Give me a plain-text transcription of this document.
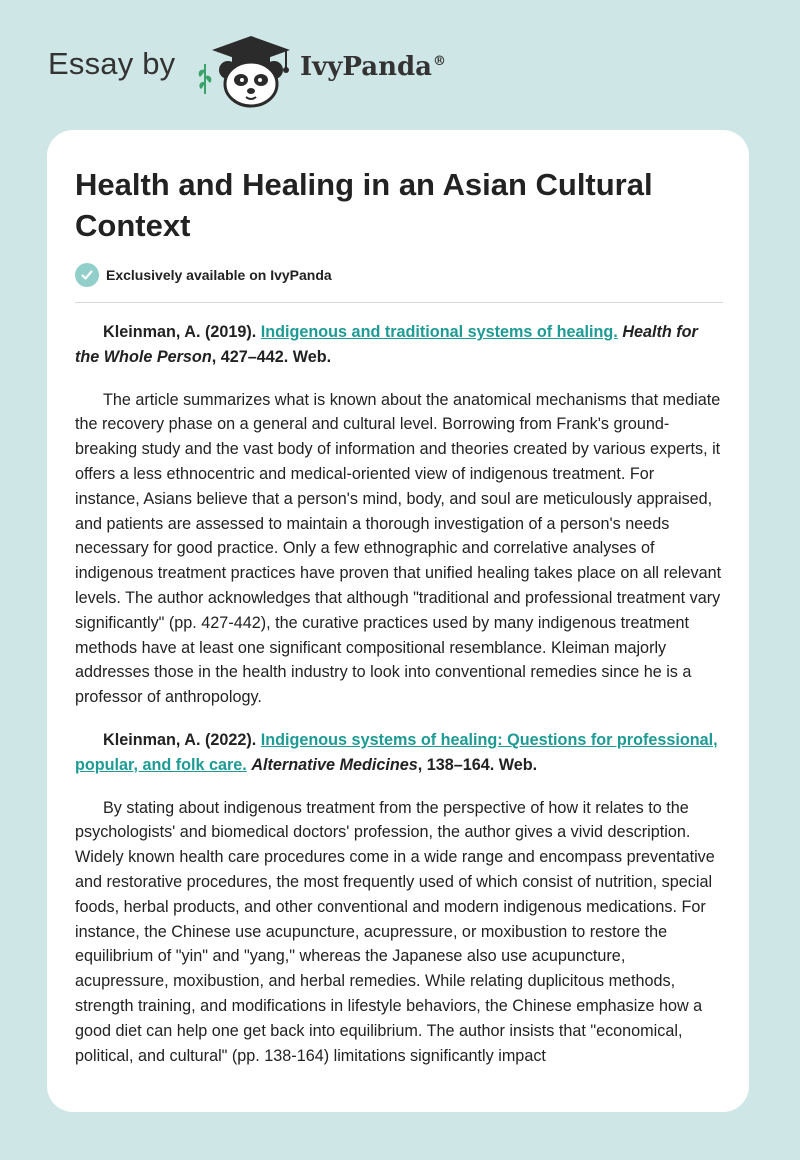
Essay by	IvyPanda®
Health and Healing in an Asian Cultural Context
Exclusively available on IvyPanda

Kleinman, A. (2019). Indigenous and traditional systems of healing. Health for the Whole Person, 427–442. Web.

The article summarizes what is known about the anatomical mechanisms that mediate the recovery phase on a general and cultural level. Borrowing from Frank's ground-breaking study and the vast body of information and theories created by various experts, it offers a less ethnocentric and medical-oriented view of indigenous treatment. For instance, Asians believe that a person's mind, body, and soul are meticulously appraised, and patients are assessed to maintain a thorough investigation of a person's needs necessary for good practice. Only a few ethnographic and correlative analyses of indigenous treatment practices have proven that unified healing takes place on all relevant levels. The author acknowledges that although "traditional and professional treatment vary significantly" (pp. 427-442), the curative practices used by many indigenous treatment methods have at least one significant compositional resemblance. Kleiman majorly addresses those in the health industry to look into conventional remedies since he is a professor of anthropology.

Kleinman, A. (2022). Indigenous systems of healing: Questions for professional, popular, and folk care. Alternative Medicines, 138–164. Web.

By stating about indigenous treatment from the perspective of how it relates to the psychologists' and biomedical doctors' profession, the author gives a vivid description. Widely known health care procedures come in a wide range and encompass preventative and restorative procedures, the most frequently used of which consist of nutrition, special foods, herbal products, and other conventional and modern indigenous medications. For instance, the Chinese use acupuncture, acupressure, or moxibustion to restore the equilibrium of "yin" and "yang," whereas the Japanese also use acupuncture, acupressure, moxibustion, and herbal remedies. While relating duplicitous methods, strength training, and modifications in lifestyle behaviors, the Chinese emphasize how a good diet can help one get back into equilibrium. The author insists that "economical, political, and cultural" (pp. 138-164) limitations significantly impact
